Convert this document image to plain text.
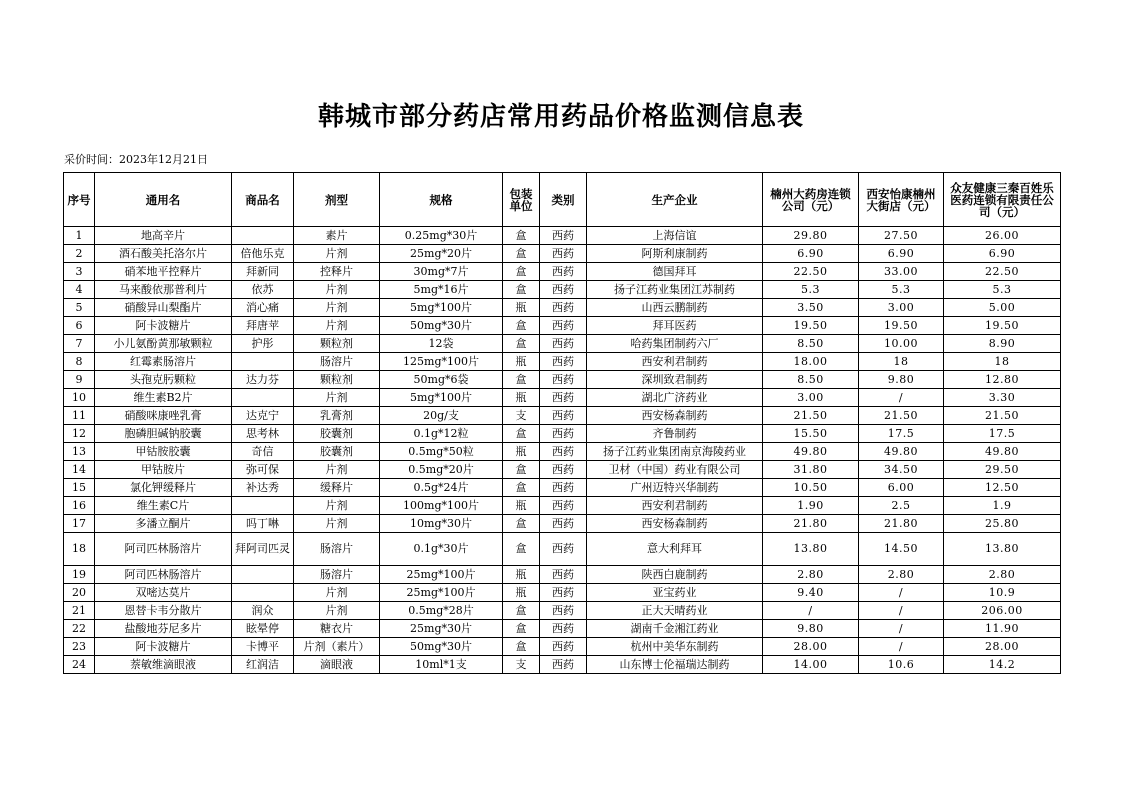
韩城市部分药店常用药品价格监测信息表
采价时间：2023年12月21日
序号	通用名	商品名	剂型	规格	包装单位	类别	生产企业	楠州大药房连锁公司（元）	西安怡康楠州大街店（元）	众友健康三秦百姓乐医药连锁有限责任公司（元）
1	地高辛片		素片	0.25mg*30片	盒	西药	上海信谊	29.80	27.50	26.00
2	酒石酸美托洛尔片	倍他乐克	片剂	25mg*20片	盒	西药	阿斯利康制药	6.90	6.90	6.90
3	硝苯地平控释片	拜新同	控释片	30mg*7片	盒	西药	德国拜耳	22.50	33.00	22.50
4	马来酸依那普利片	依苏	片剂	5mg*16片	盒	西药	扬子江药业集团江苏制药	5.3	5.3	5.3
5	硝酸异山梨酯片	消心痛	片剂	5mg*100片	瓶	西药	山西云鹏制药	3.50	3.00	5.00
6	阿卡波糖片	拜唐苹	片剂	50mg*30片	盒	西药	拜耳医药	19.50	19.50	19.50
7	小儿氨酚黄那敏颗粒	护彤	颗粒剂	12袋	盒	西药	哈药集团制药六厂	8.50	10.00	8.90
8	红霉素肠溶片		肠溶片	125mg*100片	瓶	西药	西安利君制药	18.00	18	18
9	头孢克肟颗粒	达力芬	颗粒剂	50mg*6袋	盒	西药	深圳致君制药	8.50	9.80	12.80
10	维生素B2片		片剂	5mg*100片	瓶	西药	湖北广济药业	3.00	/	3.30
11	硝酸咪康唑乳膏	达克宁	乳膏剂	20g/支	支	西药	西安杨森制药	21.50	21.50	21.50
12	胞磷胆碱钠胶囊	思考林	胶囊剂	0.1g*12粒	盒	西药	齐鲁制药	15.50	17.5	17.5
13	甲钴胺胶囊	奇信	胶囊剂	0.5mg*50粒	瓶	西药	扬子江药业集团南京海陵药业	49.80	49.80	49.80
14	甲钴胺片	弥可保	片剂	0.5mg*20片	盒	西药	卫材（中国）药业有限公司	31.80	34.50	29.50
15	氯化钾缓释片	补达秀	缓释片	0.5g*24片	盒	西药	广州迈特兴华制药	10.50	6.00	12.50
16	维生素C片		片剂	100mg*100片	瓶	西药	西安利君制药	1.90	2.5	1.9
17	多潘立酮片	吗丁啉	片剂	10mg*30片	盒	西药	西安杨森制药	21.80	21.80	25.80
18	阿司匹林肠溶片	拜阿司匹灵	肠溶片	0.1g*30片	盒	西药	意大利拜耳	13.80	14.50	13.80
19	阿司匹林肠溶片		肠溶片	25mg*100片	瓶	西药	陕西白鹿制药	2.80	2.80	2.80
20	双嘧达莫片		片剂	25mg*100片	瓶	西药	亚宝药业	9.40	/	10.9
21	恩替卡韦分散片	润众	片剂	0.5mg*28片	盒	西药	正大天晴药业	/	/	206.00
22	盐酸地芬尼多片	眩晕停	糖衣片	25mg*30片	盒	西药	湖南千金湘江药业	9.80	/	11.90
23	阿卡波糖片	卡博平	片剂（素片）	50mg*30片	盒	西药	杭州中美华东制药	28.00	/	28.00
24	萘敏维滴眼液	红润洁	滴眼液	10ml*1支	支	西药	山东博士伦福瑞达制药	14.00	10.6	14.2
